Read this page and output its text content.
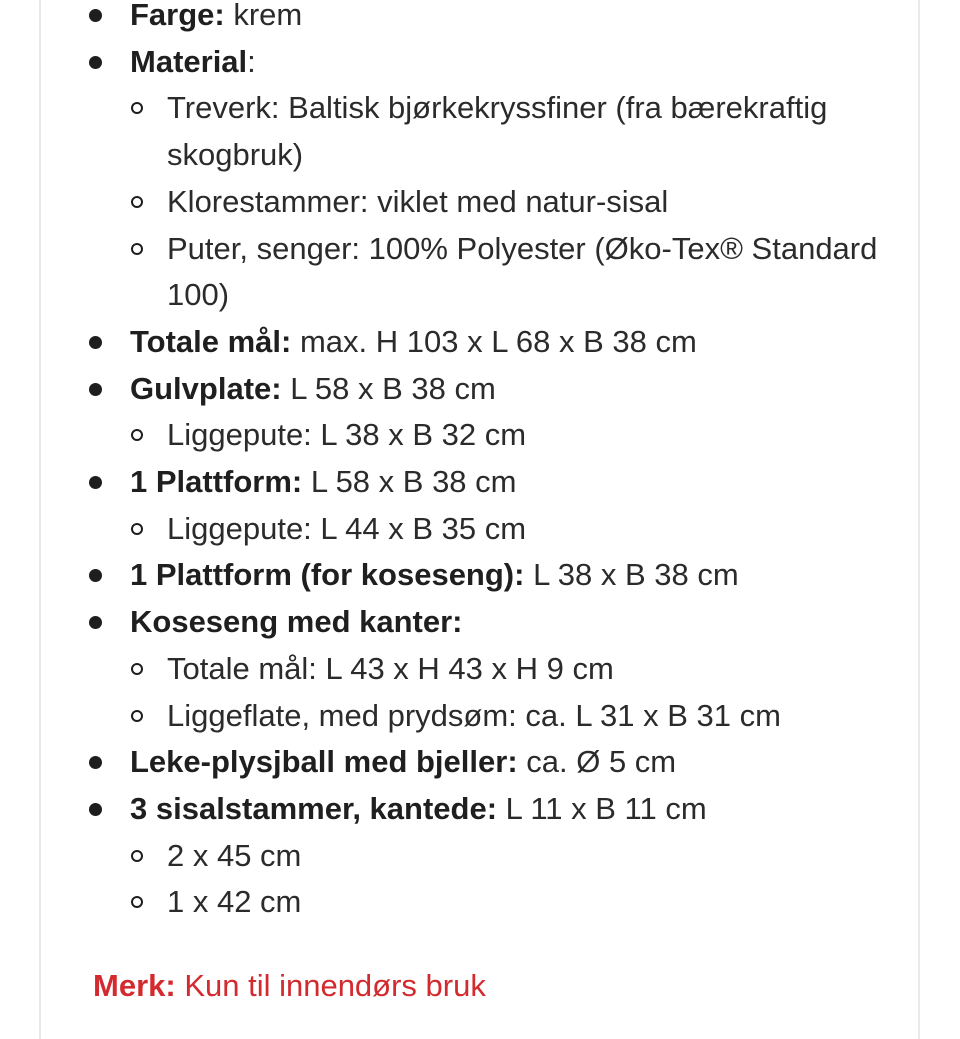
Farge: krem
Material:
Treverk: Baltisk bjørkekryssfiner (fra bærekraftig skogbruk)
Klorestammer: viklet med natur-sisal
Puter, senger: 100% Polyester (Øko-Tex® Standard 100)
Totale mål: max. H 103 x L 68 x B 38 cm
Gulvplate: L 58 x B 38 cm
Liggepute: L 38 x B 32 cm
1 Plattform: L 58 x B 38 cm
Liggepute: L 44 x B 35 cm
1 Plattform (for koseseng): L 38 x B 38 cm
Koseseng med kanter:
Totale mål: L 43 x H 43 x H 9 cm
Liggeflate, med prydsøm: ca. L 31 x B 31 cm
Leke-plysjball med bjeller: ca. Ø 5 cm
3 sisalstammer, kantede: L 11 x B 11 cm
2 x 45 cm
1 x 42 cm
Merk: Kun til innendørs bruk
